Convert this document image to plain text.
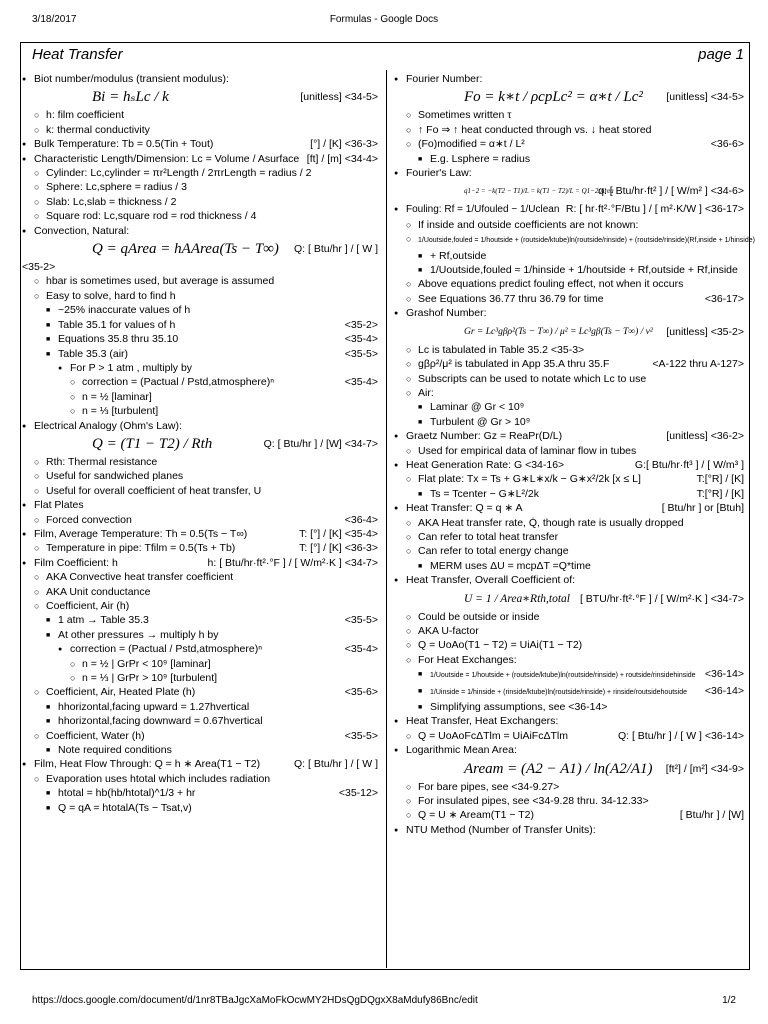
3/18/2017	Formulas - Google Docs
Heat Transfer	page 1
● Biot number/modulus (transient modulus):
Bi = hₛLc / k	[unitless] <34-5>
○ h: film coefficient
○ k: thermal conductivity
● Bulk Temperature: Tb = 0.5(Tin + Tout)	[°] / [K] <36-3>
● Characteristic Length/Dimension: Lc = Volume / Asurface [ft] / [m] <34-4>
○ Cylinder: Lc,cylinder = πr²Length / 2πrLength = radius / 2
○ Sphere: Lc,sphere = radius / 3
○ Slab: Lc,slab = thickness / 2
○ Square rod: Lc,square rod = rod thickness / 4
● Convection, Natural:
Q = qArea = hAArea(Ts − T∞) Q: [ Btu/hr ] / [ W ]
<35-2>
○ hbar is sometimes used, but average is assumed
○ Easy to solve, hard to find h
■ ~25% inaccurate values of h
■ Table 35.1 for values of h	<35-2>
■ Equations 35.8 thru 35.10	<35-4>
■ Table 35.3 (air)	<35-5>
● For P > 1 atm , multiply by
○ correction = (Pactual / Pstd,atmosphere)ⁿ	<35-4>
○ n = ½ [laminar]
○ n = ⅓ [turbulent]
● Electrical Analogy (Ohm's Law):
Q = (T1 − T2) / Rth	Q: [ Btu/hr ] / [W] <34-7>
○ Rth: Thermal resistance
○ Useful for sandwiched planes
○ Useful for overall coefficient of heat transfer, U
● Flat Plates
○ Forced convection	<36-4>
● Film, Average Temperature: Th = 0.5(Ts − T∞)	T: [°] / [K] <35-4>
○ Temperature in pipe: Tfilm = 0.5(Ts + Tb)	T: [°] / [K] <36-3>
● Film Coefficient: h	h: [ Btu/hr·ft²·°F ] / [ W/m²·K ] <34-7>
○ AKA Convective heat transfer coefficient
○ AKA Unit conductance
○ Coefficient, Air (h)
■ 1 atm → Table 35.3	<35-5>
■ At other pressures → multiply h by
● correction = (Pactual / Pstd,atmosphere)ⁿ	<35-4>
○ n = ½ | GrPr < 10⁹ [laminar]
○ n = ⅓ | GrPr > 10⁹ [turbulent]
○ Coefficient, Air, Heated Plate (h)	<35-6>
■ hhorizontal,facing upward = 1.27hvertical
■ hhorizontal,facing downward = 0.67hvertical
○ Coefficient, Water (h)	<35-5>
■ Note required conditions
● Film, Heat Flow Through: Q = h ∗ Area(T1 − T2)	Q: [ Btu/hr ] / [ W ]
○ Evaporation uses htotal which includes radiation
■ htotal = hb(hb/htotal)^1/3 + hr	<35-12>
■ Q = qA = htotalA(Ts − Tsat,v)
● Fourier Number:
Fo = k∗t / ρcpLc² = α∗t / Lc² [unitless] <34-5>
○ Sometimes written τ
○ ↑ Fo ⇒ ↑ heat conducted through vs. ↓ heat stored
○ (Fo)modified = α∗t / L²	<36-6>
■ E.g. Lsphere = radius
● Fourier's Law:
q1−2 = −k(T2 − T1)/L = k(T1 − T2)/L = Q1−2/Area
q: [ Btu/hr·ft² ] / [ W/m² ] <34-6>
● Fouling: Rf = 1/Ufouled − 1/Uclean R: [ hr·ft²·°F/Btu ] / [ m²·K/W ] <36-17>
○ If inside and outside coefficients are not known:
○ 1/Uoutside,fouled = 1/houtside + (routside/ktube)ln(routside/rinside) + (routside/rinside)(Rf,inside + 1/hinside)
■ + Rf,outside
■ 1/Uoutside,fouled ≈ 1/hinside + 1/houtside + Rf,outside + Rf,inside
○ Above equations predict fouling effect, not when it occurs
○ See Equations 36.77 thru 36.79 for time	<36-17>
● Grashof Number:
Gr = Lc³gβρ²(Ts − T∞) / μ² = Lc³gβ(Ts − T∞) / ν² [unitless] <35-2>
○ Lc is tabulated in Table 35.2 <35-3>
○ gβρ²/μ² is tabulated in App 35.A thru 35.F	<A-122 thru A-127>
○ Subscripts can be used to notate which Lc to use
○ Air:
■ Laminar @ Gr < 10⁹
■ Turbulent @ Gr > 10⁹
● Graetz Number: Gz = ReaPr(D/L)	[unitless] <36-2>
○ Used for empirical data of laminar flow in tubes
● Heat Generation Rate: G <34-16>	G:[ Btu/hr·ft³ ] / [ W/m³ ]
○ Flat plate: Tx = Ts + G∗L∗x/k − G∗x²/2k [x ≤ L]	T:[°R] / [K]
■ Ts = Tcenter − G∗L²/2k	T:[°R] / [K]
● Heat Transfer: Q = q ∗ A	[ Btu/hr ] or [Btuh]
○ AKA Heat transfer rate, Q̇, though rate is usually dropped
○ Can refer to total heat transfer
○ Can refer to total energy change
■ MERM uses ΔU = mcpΔT =Q*time
● Heat Transfer, Overall Coefficient of:
U = 1 / Area∗Rth,total [ BTU/hr·ft²·°F ] / [ W/m²·K ] <34-7>
○ Could be outside or inside
○ AKA U-factor
○ Q = UoAo(T1 − T2) = UiAi(T1 − T2)
○ For Heat Exchanges:
■ 1/Uoutside = 1/houtside + (routside/ktube)ln(routside/rinside) + routside/rinsidehinside <36-14>
■ 1/Uinside = 1/hinside + (rinside/ktube)ln(routside/rinside) + rinside/routsidehoutside <36-14>
■ Simplifying assumptions, see <36-14>
● Heat Transfer, Heat Exchangers:
○ Q = UoAoFcΔTlm = UiAiFcΔTlm	Q: [ Btu/hr ] / [ W ] <36-14>
● Logarithmic Mean Area:
Aream = (A2 − A1) / ln(A2/A1) [ft²] / [m²] <34-9>
○ For bare pipes, see <34-9.27>
○ For insulated pipes, see <34-9.28 thru. 34-12.33>
○ Q = U ∗ Aream(T1 − T2)	[ Btu/hr ] / [W]
● NTU Method (Number of Transfer Units):
https://docs.google.com/document/d/1nr8TBaJgcXaMoFkOcwMY2HDsQgDQgxX8aMdufy86Bnc/edit	1/2
